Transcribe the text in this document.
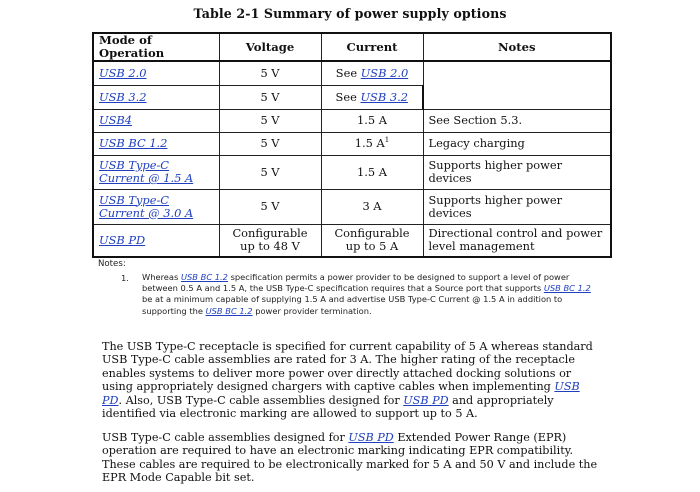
Table 2-1 Summary of power supply options
Mode of Operation	Voltage	Current	Notes
USB 2.0	5 V	See USB 2.0	
USB 3.2	5 V	See USB 3.2	
USB4	5 V	1.5 A	See Section 5.3.
USB BC 1.2	5 V	1.5 $A^1$	Legacy charging
USB Type-C Current @ 1.5 A	5 V	1.5 A	Supports higher power devices
USB Type-C Current @ 3.0 A	5 V	3 A	Supports higher power devices
USB PD	Configurable up to 48 V	Configurable up to 5 A	Directional control and power level management
Notes:
1. Whereas USB BC 1.2 specification permits a power provider to be designed to support a level of power between 0.5 A and 1.5 A, the USB Type-C specification requires that a Source port that supports USB BC 1.2 be at a minimum capable of supplying 1.5 A and advertise USB Type-C Current @ 1.5 A in addition to supporting the USB BC 1.2 power provider termination.
The USB Type-C receptacle is specified for current capability of 5 A whereas standard USB Type-C cable assemblies are rated for 3 A. The higher rating of the receptacle enables systems to deliver more power over directly attached docking solutions or using appropriately designed chargers with captive cables when implementing USB PD. Also, USB Type-C cable assemblies designed for USB PD and appropriately identified via electronic marking are allowed to support up to 5 A.
USB Type-C cable assemblies designed for USB PD Extended Power Range (EPR) operation are required to have an electronic marking indicating EPR compatibility. These cables are required to be electronically marked for 5 A and 50 V and include the EPR Mode Capable bit set.
